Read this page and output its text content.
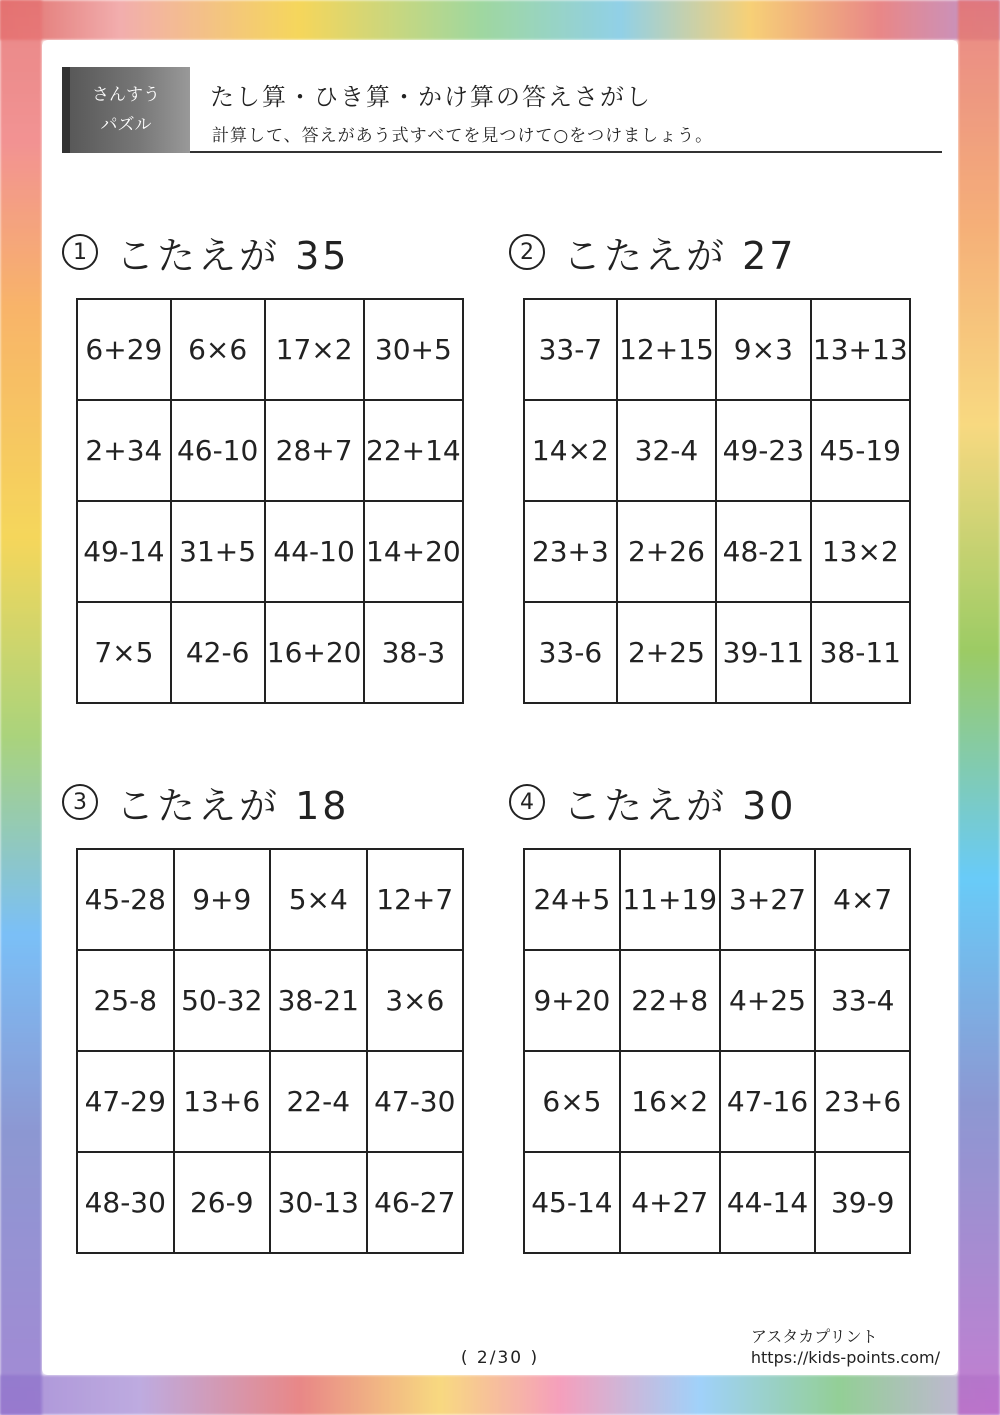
さんすう
パズル
たし算・ひき算・かけ算の答えさがし
計算して、答えがあう式すべてを見つけて○をつけましょう。
1 こたえが 35
6+29	6×6	17×2	30+5
2+34	46-10	28+7	22+14
49-14	31+5	44-10	14+20
7×5	42-6	16+20	38-3
2 こたえが 27
33-7	12+15	9×3	13+13
14×2	32-4	49-23	45-19
23+3	2+26	48-21	13×2
33-6	2+25	39-11	38-11
3 こたえが 18
45-28	9+9	5×4	12+7
25-8	50-32	38-21	3×6
47-29	13+6	22-4	47-30
48-30	26-9	30-13	46-27
4 こたえが 30
24+5	11+19	3+27	4×7
9+20	22+8	4+25	33-4
6×5	16×2	47-16	23+6
45-14	4+27	44-14	39-9
( 2/30 )
アスタカプリント
https://kids-points.com/
